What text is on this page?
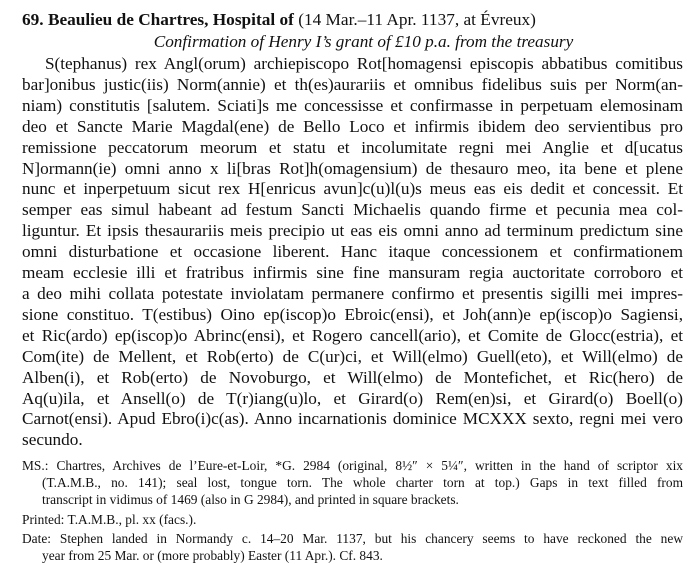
69. Beaulieu de Chartres, Hospital of (14 Mar.–11 Apr. 1137, at Évreux)
Confirmation of Henry I’s grant of £10 p.a. from the treasury
S(tephanus) rex Angl(orum) archiepiscopo Rot[homagensi episcopis abbatibus comitibus
bar]onibus justic(iis) Norm(annie) et th(es)aurariis et omnibus fidelibus suis per Norm(an-
niam) constitutis [salutem. Sciati]s me concessisse et confirmasse in perpetuam elemosinam
deo et Sancte Marie Magdal(ene) de Bello Loco et infirmis ibidem deo servientibus pro
remissione peccatorum meorum et statu et incolumitate regni mei Anglie et d[ucatus
N]ormann(ie) omni anno x li[bras Rot]h(omagensium) de thesauro meo, ita bene et plene
nunc et inperpetuum sicut rex H[enricus avun]c(u)l(u)s meus eas eis dedit et concessit. Et
semper eas simul habeant ad festum Sancti Michaelis quando firme et pecunia mea col-
liguntur. Et ipsis thesaurariis meis precipio ut eas eis omni anno ad terminum predictum sine
omni disturbatione et occasione liberent. Hanc itaque concessionem et confirmationem
meam ecclesie illi et fratribus infirmis sine fine mansuram regia auctoritate corroboro et
a deo mihi collata potestate inviolatam permanere confirmo et presentis sigilli mei impres-
sione constituo. T(estibus) Oino ep(iscop)o Ebroic(ensi), et Joh(ann)e ep(iscop)o Sagiensi,
et Ric(ardo) ep(iscop)o Abrinc(ensi), et Rogero cancell(ario), et Comite de Glocc(estria), et
Com(ite) de Mellent, et Rob(erto) de C(ur)ci, et Will(elmo) Guell(eto), et Will(elmo) de
Alben(i), et Rob(erto) de Novoburgo, et Will(elmo) de Montefichet, et Ric(hero) de
Aq(u)ila, et Ansell(o) de T(r)iang(u)lo, et Girard(o) Rem(en)si, et Girard(o) Boell(o)
Carnot(ensi). Apud Ebro(i)c(as). Anno incarnationis dominice MCXXX sexto, regni mei vero
secundo.
MS.: Chartres, Archives de l’Eure-et-Loir, *G. 2984 (original, 8½″ × 5¼″, written in the hand of scriptor xix
(T.A.M.B., no. 141); seal lost, tongue torn. The whole charter torn at top.) Gaps in text filled from
transcript in vidimus of 1469 (also in G 2984), and printed in square brackets.
Printed: T.A.M.B., pl. xx (facs.).
Date: Stephen landed in Normandy c. 14–20 Mar. 1137, but his chancery seems to have reckoned the new
year from 25 Mar. or (more probably) Easter (11 Apr.). Cf. 843.
